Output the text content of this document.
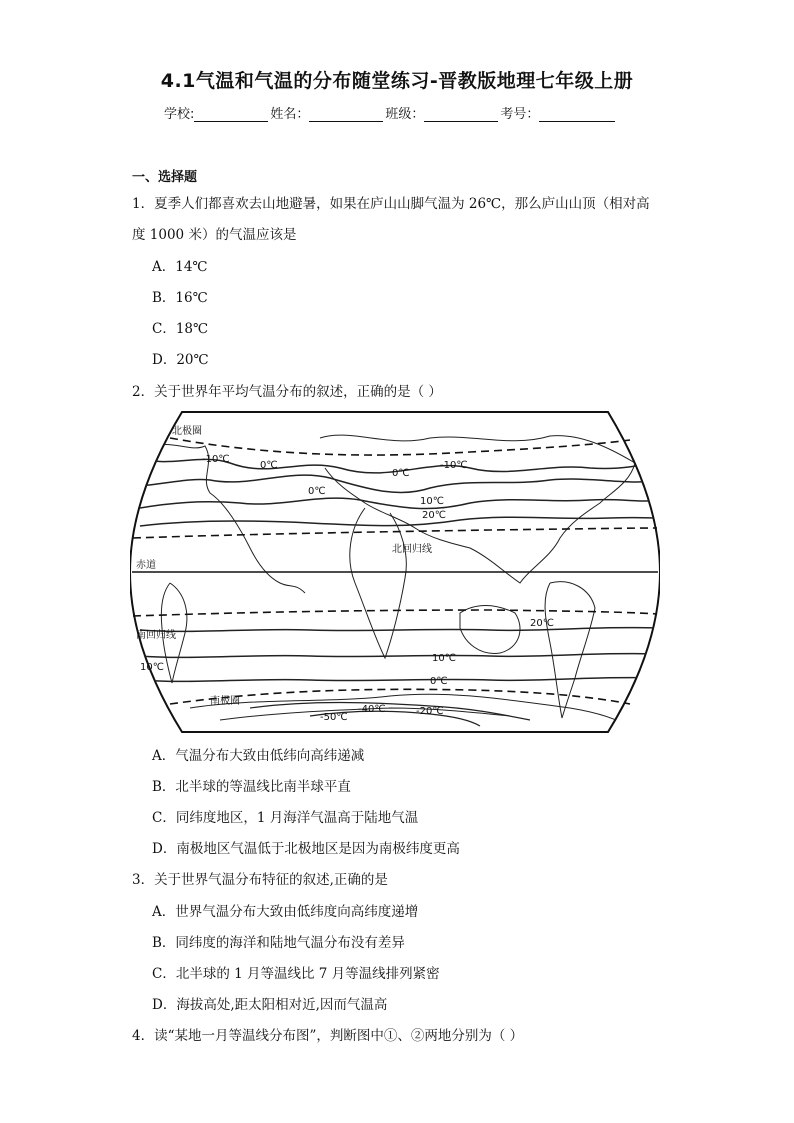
4.1气温和气温的分布随堂练习-晋教版地理七年级上册
学校:	姓名：	班级：	考号：
一、选择题
1．夏季人们都喜欢去山地避暑，如果在庐山山脚气温为 26℃，那么庐山山顶（相对高
度 1000 米）的气温应该是
A．14℃
B．16℃
C．18℃
D．20℃
2．关于世界年平均气温分布的叙述，正确的是（ ）
北极圈
北回归线
赤道
南回归线
南极圈
-10℃
-10℃
0℃
0℃
0℃
10℃
20℃
20℃
10℃
10℃
0℃
-20℃
-50℃
-40℃
A．气温分布大致由低纬向高纬递减
B．北半球的等温线比南半球平直
C．同纬度地区，1 月海洋气温高于陆地气温
D．南极地区气温低于北极地区是因为南极纬度更高
3．关于世界气温分布特征的叙述,正确的是
A．世界气温分布大致由低纬度向高纬度递增
B．同纬度的海洋和陆地气温分布没有差异
C．北半球的 1 月等温线比 7 月等温线排列紧密
D．海拔高处,距太阳相对近,因而气温高
4．读“某地一月等温线分布图”，判断图中①、②两地分别为（ ）
